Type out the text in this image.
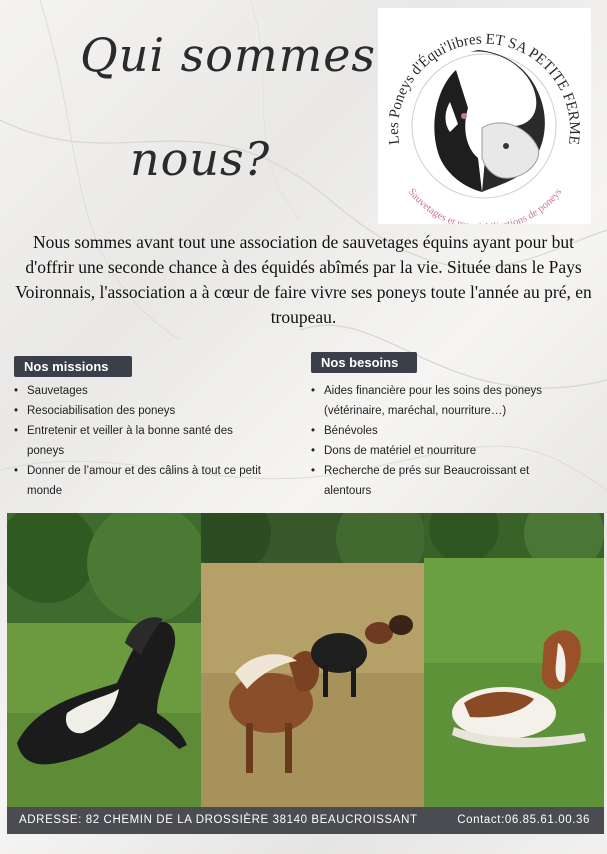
Qui sommes
nous?	Les Poneys d'Équi'libres ET SA PETITE FERME
Sauvetages et r ions de poneys

Nous sommes avant tout une association de sauvetages équins ayant pour but d'offrir une seconde chance à des équidés abîmés par la vie. Située dans le Pays Voironnais, l'association a à cœur de faire vivre ses poneys toute l'année au pré, en troupeau.

Nos missions
• Sauvetages
• Resociabilisation des poneys
• Entretenir et veiller à la bonne santé des poneys
• Donner de l’amour et des câlins à tout ce petit monde
Nos besoins
• Aides financière pour les soins des poneys (vétérinaire, maréchal, nourriture…)
• Bénévoles
• Dons de matériel et nourriture
• Recherche de prés sur Beaucroissant et alentours
ADRESSE: 82 CHEMIN DE LA DROSSIÈRE 38140 BEAUCROISSANT	Contact:06.85.61.00.36
